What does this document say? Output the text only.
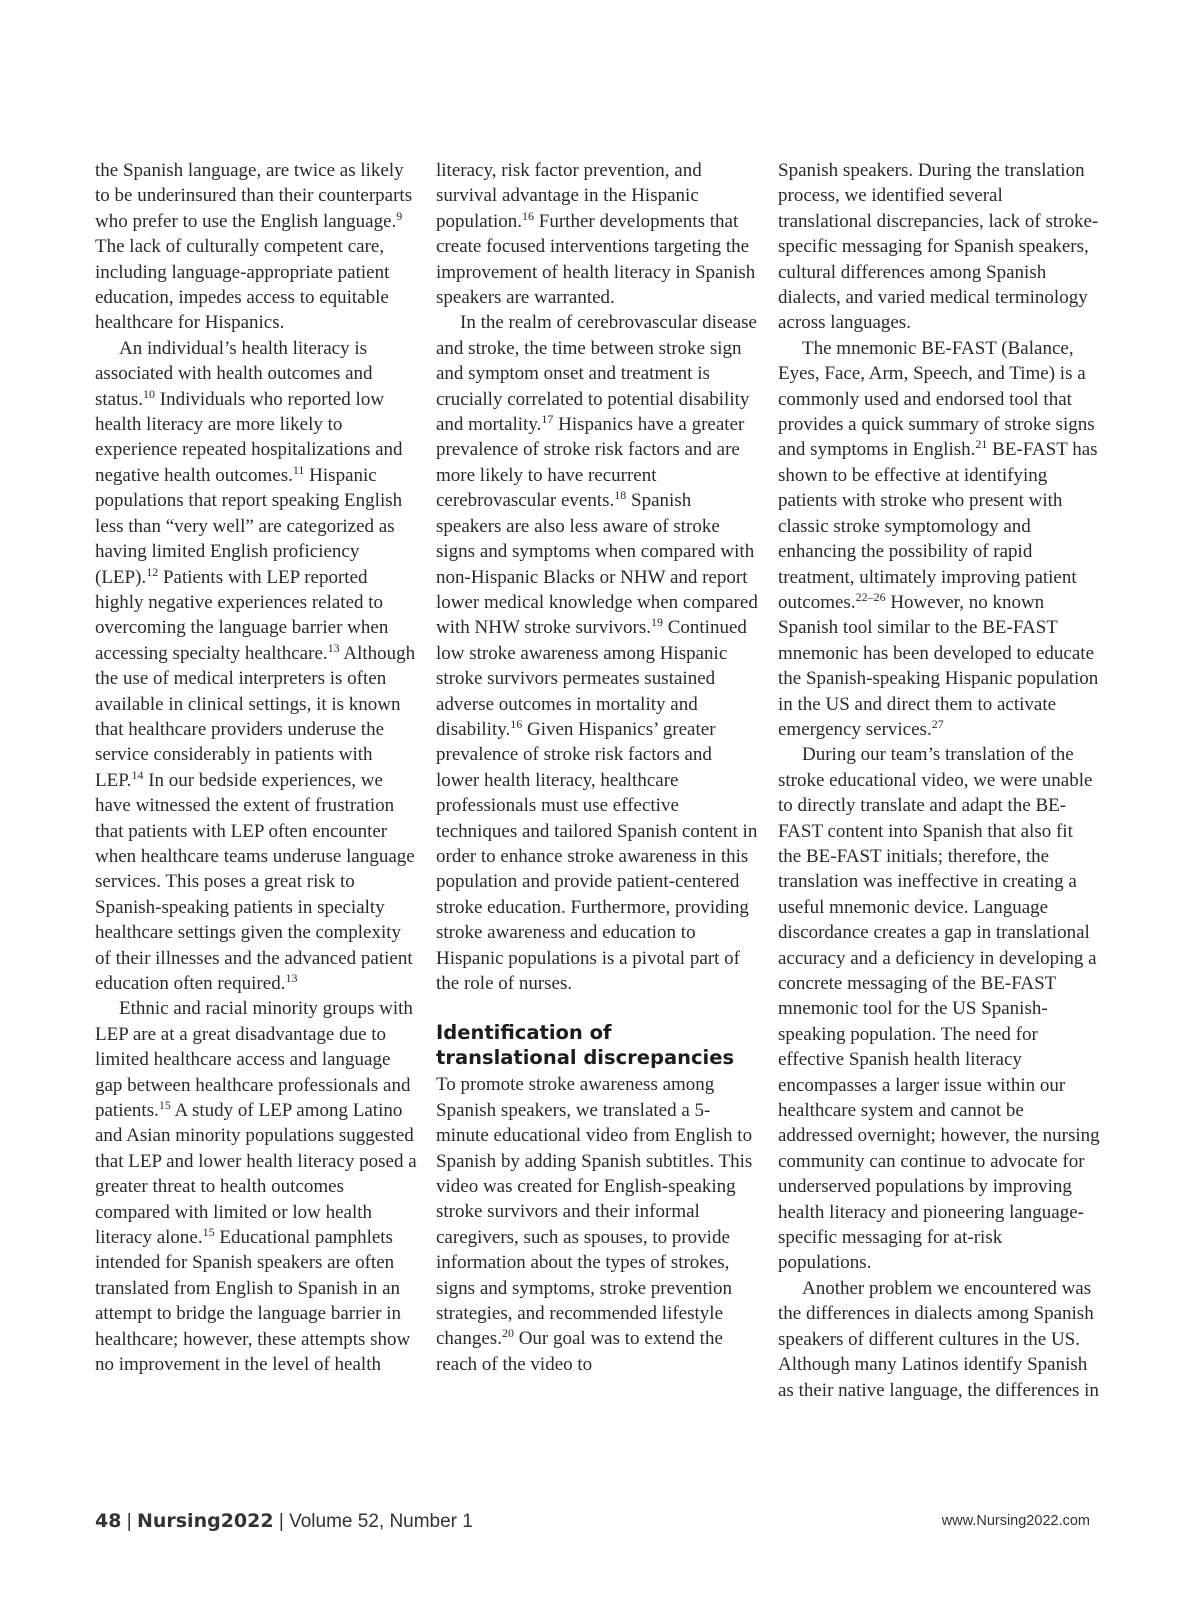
the Spanish language, are twice as likely to be underinsured than their counterparts who prefer to use the English language.$^9$ The lack of culturally competent care, including language-appropriate patient education, impedes access to equitable healthcare for Hispanics.

An individual’s health literacy is associated with health outcomes and status.$^{10}$ Individuals who reported low health literacy are more likely to experience repeated hospitalizations and negative health outcomes.$^{11}$ Hispanic populations that report speaking English less than “very well” are categorized as having limited English proficiency (LEP).$^{12}$ Patients with LEP reported highly negative experiences related to overcoming the language barrier when accessing specialty healthcare.$^{13}$ Although the use of medical interpreters is often available in clinical settings, it is known that healthcare providers underuse the service considerably in patients with LEP.$^{14}$ In our bedside experiences, we have witnessed the extent of frustration that patients with LEP often encounter when healthcare teams underuse language services. This poses a great risk to Spanish-speaking patients in specialty healthcare settings given the complexity of their illnesses and the advanced patient education often required.$^{13}$

Ethnic and racial minority groups with LEP are at a great disadvantage due to limited healthcare access and language gap between healthcare professionals and patients.$^{15}$ A study of LEP among Latino and Asian minority populations suggested that LEP and lower health literacy posed a greater threat to health outcomes compared with limited or low health literacy alone.$^{15}$ Educational pamphlets intended for Spanish speakers are often translated from English to Spanish in an attempt to bridge the language barrier in healthcare; however, these attempts show no improvement in the level of health

literacy, risk factor prevention, and survival advantage in the Hispanic population.$^{16}$ Further developments that create focused interventions targeting the improvement of health literacy in Spanish speakers are warranted.

In the realm of cerebrovascular disease and stroke, the time between stroke sign and symptom onset and treatment is crucially correlated to potential disability and mortality.$^{17}$ Hispanics have a greater prevalence of stroke risk factors and are more likely to have recurrent cerebrovascular events.$^{18}$ Spanish speakers are also less aware of stroke signs and symptoms when compared with non-Hispanic Blacks or NHW and report lower medical knowledge when compared with NHW stroke survivors.$^{19}$ Continued low stroke awareness among Hispanic stroke survivors permeates sustained adverse outcomes in mortality and disability.$^{16}$ Given Hispanics’ greater prevalence of stroke risk factors and lower health literacy, healthcare professionals must use effective techniques and tailored Spanish content in order to enhance stroke awareness in this population and provide patient-centered stroke education. Furthermore, providing stroke awareness and education to Hispanic populations is a pivotal part of the role of nurses.

Identification of translational discrepancies

To promote stroke awareness among Spanish speakers, we translated a 5-minute educational video from English to Spanish by adding Spanish subtitles. This video was created for English-speaking stroke survivors and their informal caregivers, such as spouses, to provide information about the types of strokes, signs and symptoms, stroke prevention strategies, and recommended lifestyle changes.$^{20}$ Our goal was to extend the reach of the video to

Spanish speakers. During the translation process, we identified several translational discrepancies, lack of stroke-specific messaging for Spanish speakers, cultural differences among Spanish dialects, and varied medical terminology across languages.

The mnemonic BE-FAST (Balance, Eyes, Face, Arm, Speech, and Time) is a commonly used and endorsed tool that provides a quick summary of stroke signs and symptoms in English.$^{21}$ BE-FAST has shown to be effective at identifying patients with stroke who present with classic stroke symptomology and enhancing the possibility of rapid treatment, ultimately improving patient outcomes.$^{22-26}$ However, no known Spanish tool similar to the BE-FAST mnemonic has been developed to educate the Spanish-speaking Hispanic population in the US and direct them to activate emergency services.$^{27}$

During our team’s translation of the stroke educational video, we were unable to directly translate and adapt the BE-FAST content into Spanish that also fit the BE-FAST initials; therefore, the translation was ineffective in creating a useful mnemonic device. Language discordance creates a gap in translational accuracy and a deficiency in developing a concrete messaging of the BE-FAST mnemonic tool for the US Spanish-speaking population. The need for effective Spanish health literacy encompasses a larger issue within our healthcare system and cannot be addressed overnight; however, the nursing community can continue to advocate for underserved populations by improving health literacy and pioneering language-specific messaging for at-risk populations.

Another problem we encountered was the differences in dialects among Spanish speakers of different cultures in the US. Although many Latinos identify Spanish as their native language, the differences in

48 | Nursing2022 | Volume 52, Number 1	www.Nursing2022.com
